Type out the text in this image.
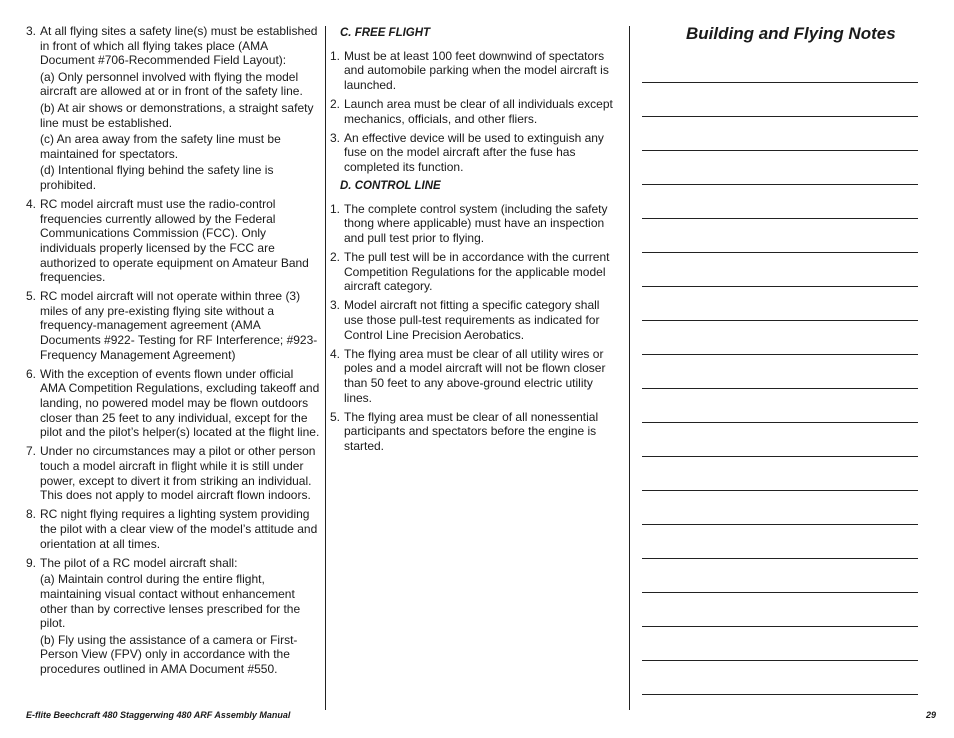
3. At all flying sites a safety line(s) must be established in front of which all flying takes place (AMA Document #706-Recommended Field Layout):
(a) Only personnel involved with flying the model aircraft are allowed at or in front of the safety line.
(b) At air shows or demonstrations, a straight safety line must be established.
(c) An area away from the safety line must be maintained for spectators.
(d) Intentional flying behind the safety line is prohibited.
4. RC model aircraft must use the radio-control frequencies currently allowed by the Federal Communications Commission (FCC). Only individuals properly licensed by the FCC are authorized to operate equipment on Amateur Band frequencies.
5. RC model aircraft will not operate within three (3) miles of any pre-existing flying site without a frequency-management agreement (AMA Documents #922- Testing for RF Interference; #923- Frequency Management Agreement)
6. With the exception of events flown under official AMA Competition Regulations, excluding takeoff and landing, no powered model may be flown outdoors closer than 25 feet to any individual, except for the pilot and the pilot’s helper(s) located at the flight line.
7. Under no circumstances may a pilot or other person touch a model aircraft in flight while it is still under power, except to divert it from striking an individual. This does not apply to model aircraft flown indoors.
8. RC night flying requires a lighting system providing the pilot with a clear view of the model’s attitude and orientation at all times.
9. The pilot of a RC model aircraft shall:
(a) Maintain control during the entire flight, maintaining visual contact without enhancement other than by corrective lenses prescribed for the pilot.
(b) Fly using the assistance of a camera or First-Person View (FPV) only in accordance with the procedures outlined in AMA Document #550.
C. FREE FLIGHT
1. Must be at least 100 feet downwind of spectators and automobile parking when the model aircraft is launched.
2. Launch area must be clear of all individuals except mechanics, officials, and other fliers.
3. An effective device will be used to extinguish any fuse on the model aircraft after the fuse has completed its function.
D. CONTROL LINE
1. The complete control system (including the safety thong where applicable) must have an inspection and pull test prior to flying.
2. The pull test will be in accordance with the current Competition Regulations for the applicable model aircraft category.
3. Model aircraft not fitting a specific category shall use those pull-test requirements as indicated for Control Line Precision Aerobatics.
4. The flying area must be clear of all utility wires or poles and a model aircraft will not be flown closer than 50 feet to any above-ground electric utility lines.
5. The flying area must be clear of all nonessential participants and spectators before the engine is started.
Building and Flying Notes
E-flite Beechcraft 480 Staggerwing 480 ARF Assembly Manual	29
